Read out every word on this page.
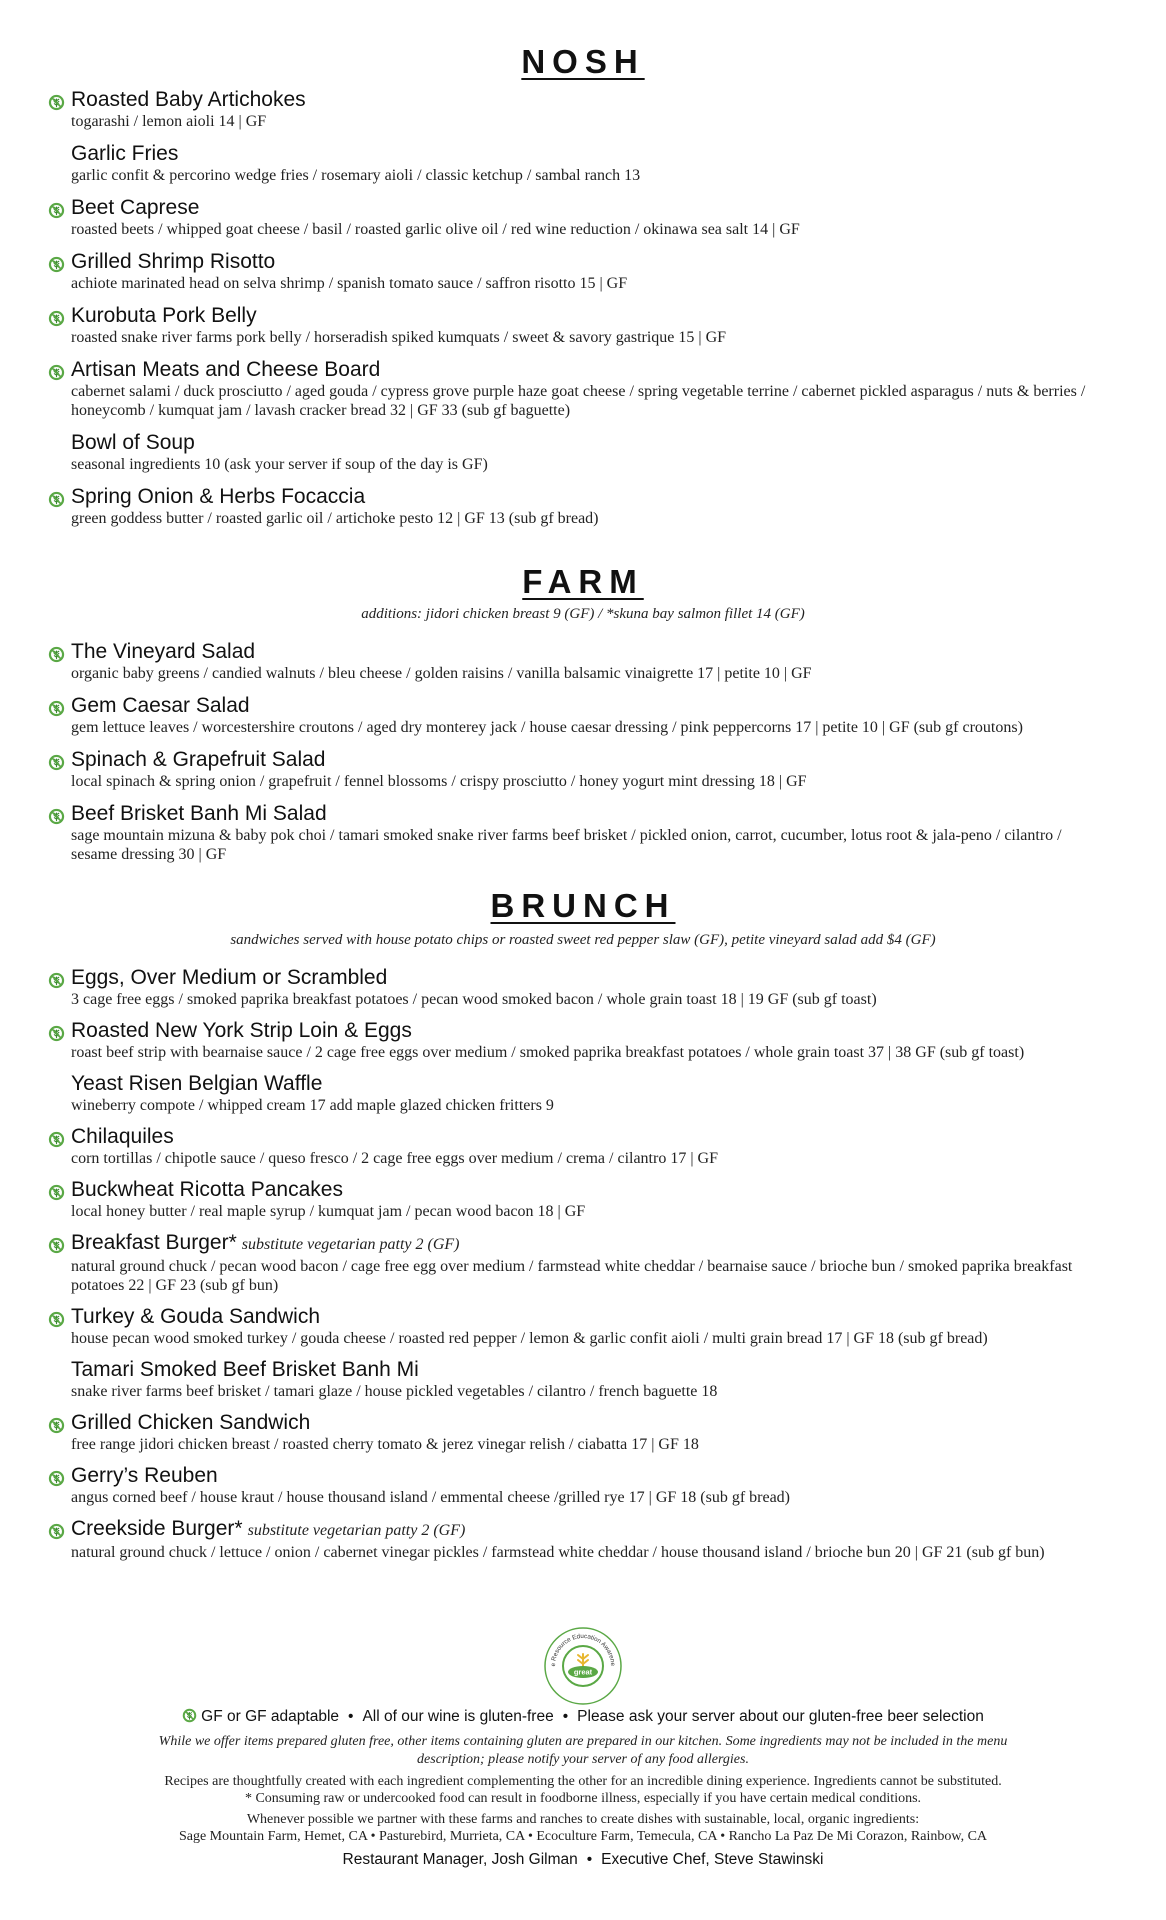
NOSH
Roasted Baby Artichokes
togarashi / lemon aioli 14 | GF
Garlic Fries
garlic confit & percorino wedge fries / rosemary aioli / classic ketchup / sambal ranch 13
Beet Caprese
roasted beets / whipped goat cheese / basil / roasted garlic olive oil / red wine reduction / okinawa sea salt 14 | GF
Grilled Shrimp Risotto
achiote marinated head on selva shrimp / spanish tomato sauce / saffron risotto 15 | GF
Kurobuta Pork Belly
roasted snake river farms pork belly / horseradish spiked kumquats / sweet & savory gastrique 15 | GF
Artisan Meats and Cheese Board
cabernet salami / duck prosciutto / aged gouda / cypress grove purple haze goat cheese / spring vegetable terrine / cabernet pickled asparagus / nuts & berries / honeycomb / kumquat jam / lavash cracker bread 32 | GF 33 (sub gf baguette)
Bowl of Soup
seasonal ingredients 10 (ask your server if soup of the day is GF)
Spring Onion & Herbs Focaccia
green goddess butter / roasted garlic oil / artichoke pesto 12 | GF 13 (sub gf bread)
FARM
additions: jidori chicken breast 9 (GF) / *skuna bay salmon fillet 14 (GF)
The Vineyard Salad
organic baby greens / candied walnuts / bleu cheese / golden raisins / vanilla balsamic vinaigrette 17 | petite 10 | GF
Gem Caesar Salad
gem lettuce leaves / worcestershire croutons / aged dry monterey jack / house caesar dressing / pink peppercorns 17 | petite 10 | GF (sub gf croutons)
Spinach & Grapefruit Salad
local spinach & spring onion / grapefruit / fennel blossoms / crispy prosciutto / honey yogurt mint dressing 18 | GF
Beef Brisket Banh Mi Salad
sage mountain mizuna & baby pok choi / tamari smoked snake river farms beef brisket / pickled onion, carrot, cucumber, lotus root & jala-peno / cilantro / sesame dressing 30 | GF
BRUNCH
sandwiches served with house potato chips or roasted sweet red pepper slaw (GF), petite vineyard salad add $4 (GF)
Eggs, Over Medium or Scrambled
3 cage free eggs / smoked paprika breakfast potatoes / pecan wood smoked bacon / whole grain toast 18 | 19 GF (sub gf toast)
Roasted New York Strip Loin & Eggs
roast beef strip with bearnaise sauce / 2 cage free eggs over medium / smoked paprika breakfast potatoes / whole grain toast 37 | 38 GF (sub gf toast)
Yeast Risen Belgian Waffle
wineberry compote / whipped cream 17 add maple glazed chicken fritters 9
Chilaquiles
corn tortillas / chipotle sauce / queso fresco / 2 cage free eggs over medium / crema / cilantro 17 | GF
Buckwheat Ricotta Pancakes
local honey butter / real maple syrup / kumquat jam / pecan wood bacon 18 | GF
Breakfast Burger* substitute vegetarian patty 2 (GF)
natural ground chuck / pecan wood bacon / cage free egg over medium / farmstead white cheddar / bearnaise sauce / brioche bun / smoked paprika breakfast potatoes 22 | GF 23 (sub gf bun)
Turkey & Gouda Sandwich
house pecan wood smoked turkey / gouda cheese / roasted red pepper / lemon & garlic confit aioli / multi grain bread 17 | GF 18 (sub gf bread)
Tamari Smoked Beef Brisket Banh Mi
snake river farms beef brisket / tamari glaze / house pickled vegetables / cilantro / french baguette 18
Grilled Chicken Sandwich
free range jidori chicken breast / roasted cherry tomato & jerez vinegar relish / ciabatta 17 | GF 18
Gerry’s Reuben
angus corned beef / house kraut / house thousand island / emmental cheese /grilled rye 17 | GF 18 (sub gf bread)
Creekside Burger* substitute vegetarian patty 2 (GF)
natural ground chuck / lettuce / onion / cabernet vinegar pickles / farmstead white cheddar / house thousand island / brioche bun 20 | GF 21 (sub gf bun)
great
e Resource Education Awarene
GF or GF adaptable • All of our wine is gluten-free • Please ask your server about our gluten-free beer selection
While we offer items prepared gluten free, other items containing gluten are prepared in our kitchen. Some ingredients may not be included in the menu description; please notify your server of any food allergies.
Recipes are thoughtfully created with each ingredient complementing the other for an incredible dining experience. Ingredients cannot be substituted.
* Consuming raw or undercooked food can result in foodborne illness, especially if you have certain medical conditions.
Whenever possible we partner with these farms and ranches to create dishes with sustainable, local, organic ingredients:
Sage Mountain Farm, Hemet, CA • Pasturebird, Murrieta, CA • Ecoculture Farm, Temecula, CA • Rancho La Paz De Mi Corazon, Rainbow, CA
Restaurant Manager, Josh Gilman • Executive Chef, Steve Stawinski
